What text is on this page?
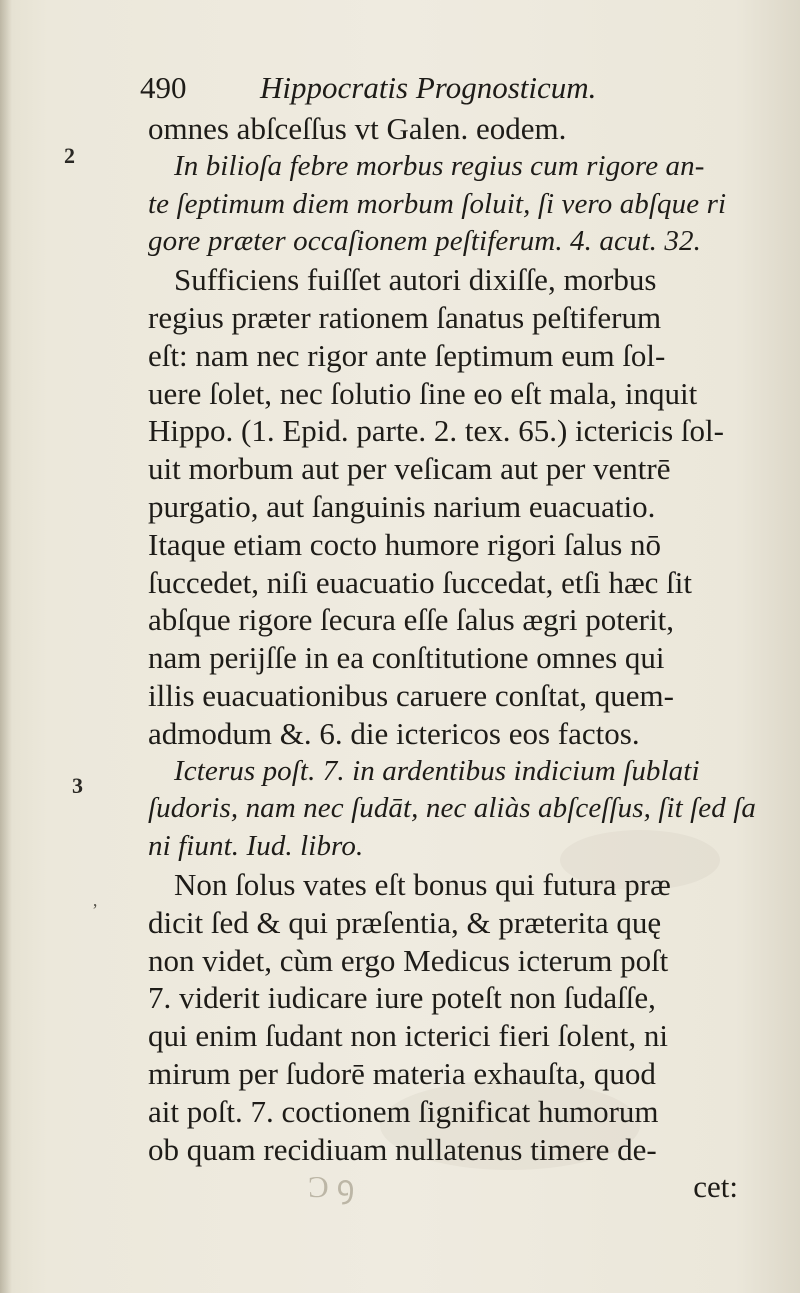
490 Hippocratis Prognosticum.
2
3
’
omnes abſceſſus vt Galen. eodem.
In bilioſa febre morbus regius cum rigore an-
te ſeptimum diem morbum ſoluit, ſi vero abſque ri
gore præter occaſionem peſtiferum. 4. acut. 32.
Sufficiens fuiſſet autori dixiſſe, morbus
regius præter rationem ſanatus peſtiferum
eſt: nam nec rigor ante ſeptimum eum ſol-
uere ſolet, nec ſolutio ſine eo eſt mala, inquit
Hippo. (1. Epid. parte. 2. tex. 65.) ictericis ſol-
uit morbum aut per veſicam aut per ventrē
purgatio, aut ſanguinis narium euacuatio.
Itaque etiam cocto humore rigori ſalus nō
ſuccedet, niſi euacuatio ſuccedat, etſi hæc ſit
abſque rigore ſecura eſſe ſalus ægri poterit,
nam perijſſe in ea conſtitutione omnes qui
illis euacuationibus caruere conſtat, quem-
admodum &. 6. die ictericos eos factos.
Icterus poſt. 7. in ardentibus indicium ſublati
ſudoris, nam nec ſudāt, nec aliàs abſceſſus, ſit ſed ſa
ni fiunt. Iud. libro.
Non ſolus vates eſt bonus qui futura præ
dicit ſed & qui præſentia, & præterita quę
non videt, cùm ergo Medicus icterum poſt
7. viderit iudicare iure poteſt non ſudaſſe,
qui enim ſudant non icterici fieri ſolent, ni
mirum per ſudorē materia exhauſta, quod
ait poſt. 7. coctionem ſignificat humorum
ob quam recidiuam nullatenus timere de-
Ɔ ꝯ	cet:
